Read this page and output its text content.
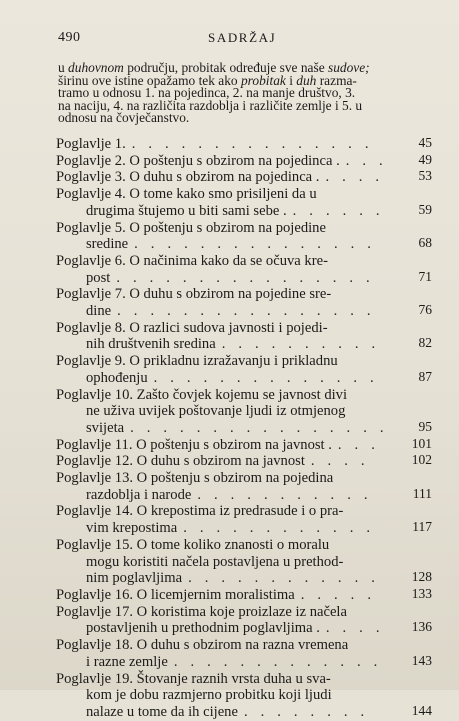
490	SADRŽAJ
u duhovnom području, probitak određuje sve naše sudove;
širinu ove istine opažamo tek ako probitak i duh razma-
tramo u odnosu 1. na pojedinca, 2. na manje društvo, 3.
na naciju, 4. na različita razdoblja i različite zemlje i 5. u
odnosu na čovječanstvo.
Poglavlje 1. ...............	45
Poglavlje 2. O poštenju s obzirom na pojedinca . ...	49
Poglavlje 3. O duhu s obzirom na pojedinca . ....	53
Poglavlje 4. O tome kako smo prisiljeni da u
drugima štujemo u biti sami sebe . ......	59
Poglavlje 5. O poštenju s obzirom na pojedine
sredine ...............	68
Poglavlje 6. O načinima kako da se očuva kre-
post ................	71
Poglavlje 7. O duhu s obzirom na pojedine sre-
dine ................	76
Poglavlje 8. O razlici sudova javnosti i pojedi-
nih društvenih sredina ..........	82
Poglavlje 9. O prikladnu izražavanju i prikladnu
ophođenju ..............	87
Poglavlje 10. Zašto čovjek kojemu se javnost divi
ne uživa uvijek poštovanje ljudi iz otmjenog
svijeta ................	95
Poglavlje 11. O poštenju s obzirom na javnost . ...	101
Poglavlje 12. O duhu s obzirom na javnost ....	102
Poglavlje 13. O poštenju s obzirom na pojedina
razdoblja i narode ...........	111
Poglavlje 14. O krepostima iz predrasude i o pra-
vim krepostima ............	117
Poglavlje 15. O tome koliko znanosti o moralu
mogu koristiti načela postavljena u prethod-
nim poglavljima ............	128
Poglavlje 16. O licemjernim moralistima .....	133
Poglavlje 17. O koristima koje proizlaze iz načela
postavljenih u prethodnim poglavljima . ....	136
Poglavlje 18. O duhu s obzirom na razna vremena
i razne zemlje .............	143
Poglavlje 19. Štovanje raznih vrsta duha u sva-
kom je dobu razmjerno probitku koji ljudi
nalaze u tome da ih cijene ........	144
